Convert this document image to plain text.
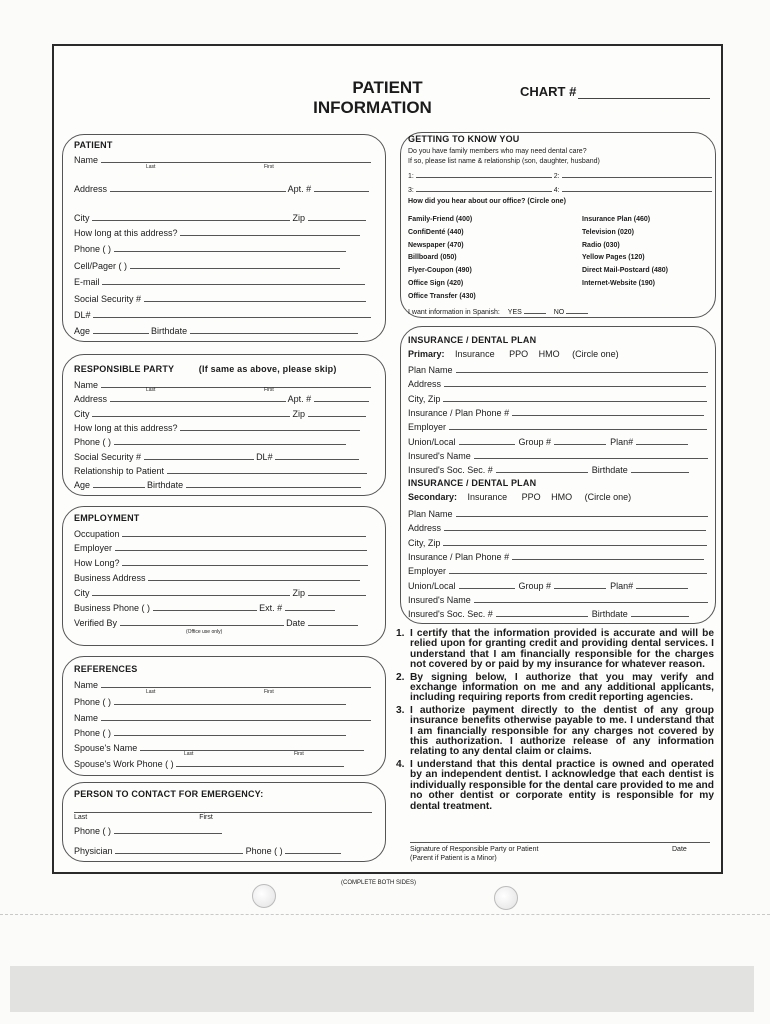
PATIENT
INFORMATION
CHART #
PATIENT
Name
Last	First
Address	Apt. #
City	Zip
How long at this address?
Phone ( )
Cell/Pager ( )
E-mail
Social Security #
DL#
Age	Birthdate
RESPONSIBLE PARTY	(If same as above, please skip)
Name	Last	First
Address	Apt. #
City	Zip
How long at this address?
Phone ( )
Social Security #	DL#
Relationship to Patient
Age	Birthdate
EMPLOYMENT
Occupation
Employer
How Long?
Business Address
City	Zip
Business Phone ( )	Ext. #
Verified By	Date
(Office use only)
REFERENCES
Name
Last	First
Phone ( )
Name
Phone ( )
Spouse's Name
Last	First
Spouse's Work Phone ( )
PERSON TO CONTACT FOR EMERGENCY:
Last	First
Phone ( )
Physician	Phone ( )
GETTING TO KNOW YOU
Do you have family members who may need dental care?
If so, please list name & relationship (son, daughter, husband)
1:	2:
3:	4:
How did you hear about our office? (Circle one)
Family-Friend (400)
ConfiDenté (440)
Newspaper (470)
Billboard (050)
Flyer-Coupon (490)
Office Sign (420)
Office Transfer (430)
Insurance Plan (460)
Television (020)
Radio (030)
Yellow Pages (120)
Direct Mail-Postcard (480)
Internet-Website (190)
I want information in Spanish: YES	NO
INSURANCE / DENTAL PLAN
Primary: Insurance PPO HMO (Circle one)
Plan Name
Address
City, Zip
Insurance / Plan Phone #
Employer
Union/Local	Group #	Plan#
Insured's Name
Insured's Soc. Sec. #	Birthdate
INSURANCE / DENTAL PLAN
Secondary: Insurance PPO HMO (Circle one)
Plan Name
Address
City, Zip
Insurance / Plan Phone #
Employer
Union/Local	Group #	Plan#
Insured's Name
Insured's Soc. Sec. #	Birthdate
1. I certify that the information provided is accurate and will be relied upon for granting credit and providing dental services. I understand that I am financially responsible for the charges not covered by or paid by my insurance for whatever reason.
2. By signing below, I authorize that you may verify and exchange information on me and any additional applicants, including requiring reports from credit reporting agencies.
3. I authorize payment directly to the dentist of any group insurance benefits otherwise payable to me. I understand that I am financially responsible for any charges not covered by this authorization. I authorize release of any information relating to any dental claim or claims.
4. I understand that this dental practice is owned and operated by an independent dentist. I acknowledge that each dentist is individually responsible for the dental care provided to me and no other dentist or corporate entity is responsible for my dental treatment.
Signature of Responsible Party or Patient	Date
(Parent if Patient is a Minor)
(COMPLETE BOTH SIDES)
